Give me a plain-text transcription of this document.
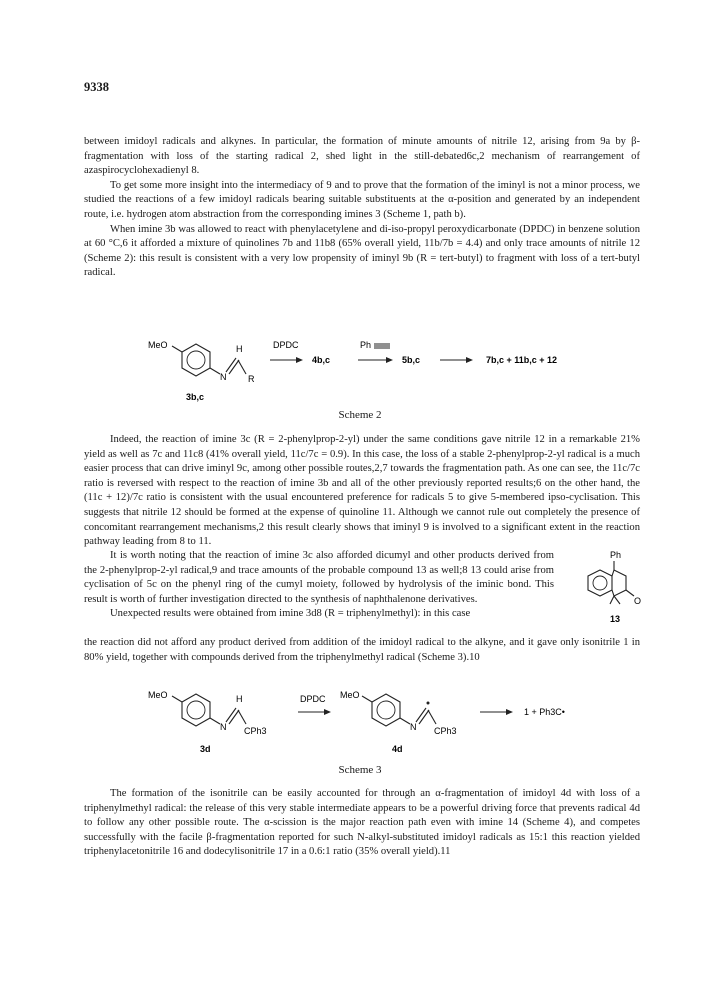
9338

between imidoyl radicals and alkynes. In particular, the formation of minute amounts of nitrile 12, arising from 9a by β-fragmentation with loss of the starting radical 2, shed light in the still-debated6c,2 mechanism of rearrangement of azaspirocyclohexadienyl 8.

To get some more insight into the intermediacy of 9 and to prove that the formation of the iminyl is not a minor process, we studied the reactions of a few imidoyl radicals bearing suitable substituents at the α-position and generated by an independent route, i.e. hydrogen atom abstraction from the corresponding imines 3 (Scheme 1, path b).

When imine 3b was allowed to react with phenylacetylene and di-iso-propyl peroxydicarbonate (DPDC) in benzene solution at 60 °C,6 it afforded a mixture of quinolines 7b and 11b8 (65% overall yield, 11b/7b = 4.4) and only trace amounts of nitrile 12 (Scheme 2): this result is consistent with a very low propensity of iminyl 9b (R = tert-butyl) to fragment with loss of a tert-butyl radical.

MeO
N
H
R
3b,c
DPDC
4b,c
Ph
5b,c	7b,c + 11b,c + 12
Scheme 2

Indeed, the reaction of imine 3c (R = 2-phenylprop-2-yl) under the same conditions gave nitrile 12 in a remarkable 21% yield as well as 7c and 11c8 (41% overall yield, 11c/7c = 0.9). In this case, the loss of a stable 2-phenylprop-2-yl radical is a much easier process that can drive iminyl 9c, among other possible routes,2,7 towards the fragmentation path. As one can see, the 11c/7c ratio is reversed with respect to the reaction of imine 3b and all of the other previously reported results;6 on the other hand, the (11c + 12)/7c ratio is consistent with the usual encountered preference for radicals 5 to give 5-membered ipso-cyclisation. This suggests that nitrile 12 should be formed at the expense of quinoline 11. Although we cannot rule out completely the presence of concomitant rearrangement mechanisms,2 this result clearly shows that iminyl 9 is involved to a significant extent in the reaction pathway leading from 8 to 11.

It is worth noting that the reaction of imine 3c also afforded dicumyl and other products derived from the 2-phenylprop-2-yl radical,9 and trace amounts of the probable compound 13 as well;8 13 could arise from cyclisation of 5c on the phenyl ring of the cumyl moiety, followed by hydrolysis of the iminic bond. This result is worth of further investigation directed to the synthesis of naphthalenone derivatives.

Unexpected results were obtained from imine 3d8 (R = triphenylmethyl): in this case

Ph
O
13

the reaction did not afford any product derived from addition of the imidoyl radical to the alkyne, and it gave only isonitrile 1 in 80% yield, together with compounds derived from the triphenylmethyl radical (Scheme 3).10

MeO
N
H
CPh3
3d
DPDC MeO
N CPh3
4d
1 + Ph3C•
Scheme 3

The formation of the isonitrile can be easily accounted for through an α-fragmentation of imidoyl 4d with loss of a triphenylmethyl radical: the release of this very stable intermediate appears to be a powerful driving force that prevents radical 4d to follow any other possible route. The α-scission is the major reaction path even with imine 14 (Scheme 4), and competes successfully with the facile β-fragmentation reported for such N-alkyl-substituted imidoyl radicals as 15:1 this reaction yielded triphenylacetonitrile 16 and dodecylisonitrile 17 in a 0.6:1 ratio (35% overall yield).11
